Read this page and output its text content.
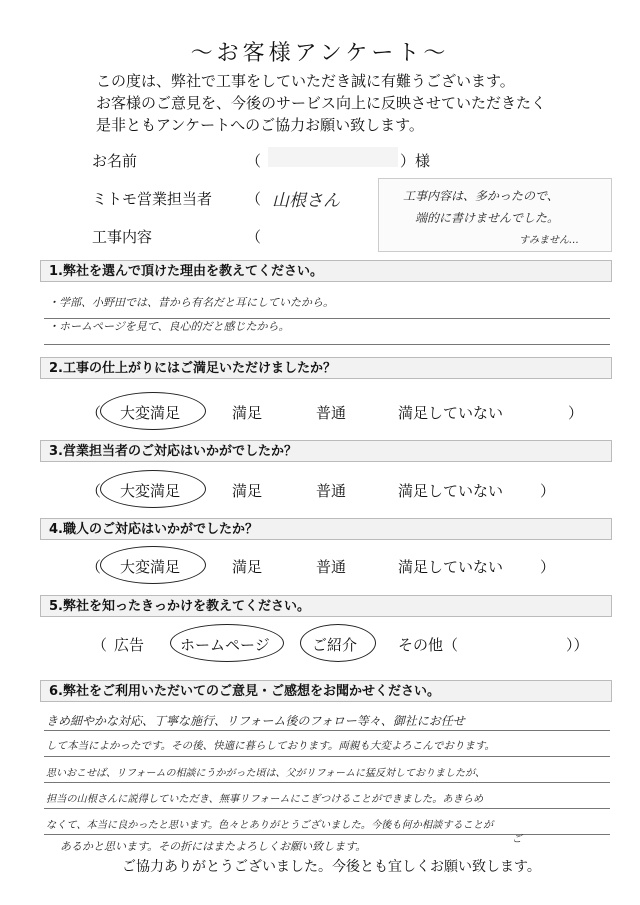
～お客様アンケート～
この度は、弊社で工事をしていただき誠に有難うございます。
お客様のご意見を、今後のサービス向上に反映させていただきたく
是非ともアンケートへのご協力お願い致します。
お名前	（	）様
ミトモ営業担当者 （ 山根さん
工事内容	（
工事内容は、多かったので、
端的に書けませんでした。
すみません…
1.弊社を選んで頂けた理由を教えてください。
・学部、小野田では、昔から有名だと耳にしていたから。
・ホームページを見て、良心的だと感じたから。
2.工事の仕上がりにはご満足いただけましたか？
（ 大変満足	満足	普通	満足していない	）
3.営業担当者のご対応はいかがでしたか？
（ 大変満足	満足	普通	満足していない ）
4.職人のご対応はいかがでしたか？
（ 大変満足	満足	普通	満足していない ）
5.弊社を知ったきっかけを教えてください。
（ 広告 ホームページ	ご紹介	その他（	））
6.弊社をご利用いただいてのご意見・ご感想をお聞かせください。
きめ細やかな対応、丁寧な施行、リフォーム後のフォロー等々、御社にお任せ
して本当によかったです。その後、快適に暮らしております。両親も大変よろこんでおります。
思いおこせば、リフォームの相談にうかがった頃は、父がリフォームに猛反対しておりましたが、
担当の山根さんに説得していただき、無事リフォームにこぎつけることができました。あきらめ
なくて、本当に良かったと思います。色々とありがとうございました。今後も何か相談することが
あるかと思います。その折にはまたよろしくお願い致します。
ご
ご協力ありがとうございました。今後とも宜しくお願い致します。
